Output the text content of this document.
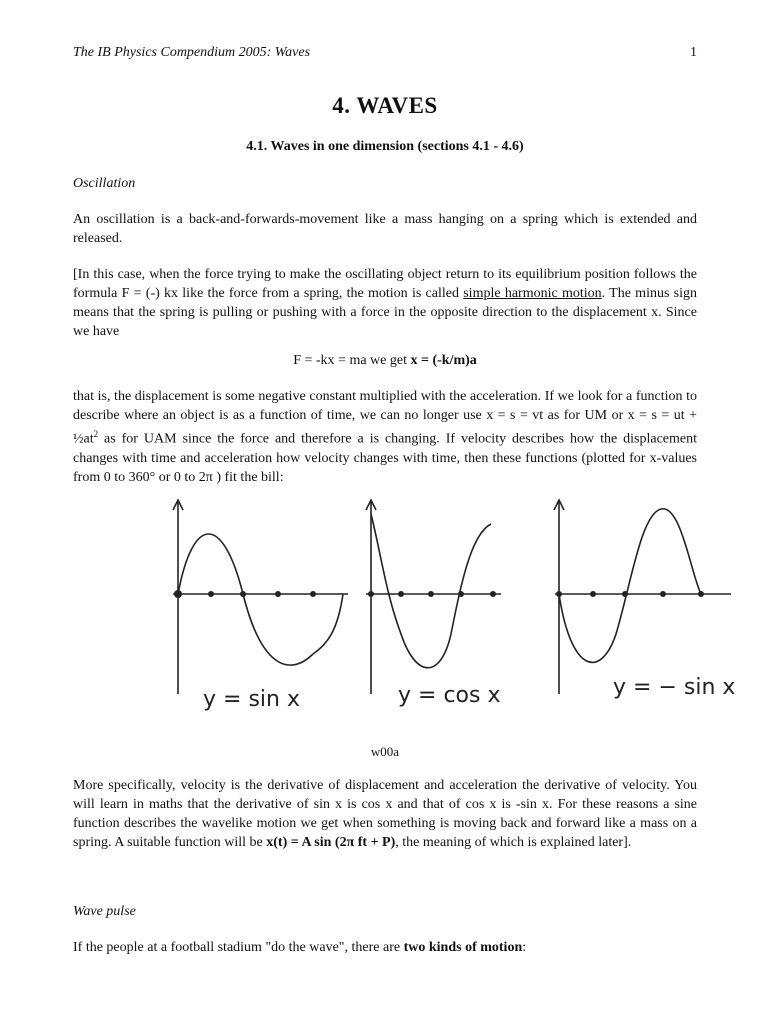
The IB Physics Compendium 2005: Waves	1
4. WAVES
4.1. Waves in one dimension (sections 4.1 - 4.6)
Oscillation

An oscillation is a back-and-forwards-movement like a mass hanging on a spring which is extended and released.

[In this case, when the force trying to make the oscillating object return to its equilibrium position follows the formula F = (-) kx like the force from a spring, the motion is called simple harmonic motion. The minus sign means that the spring is pulling or pushing with a force in the opposite direction to the displacement x. Since we have

F = -kx = ma we get x = (-k/m)a

that is, the displacement is some negative constant multiplied with the acceleration. If we look for a function to describe where an object is as a function of time, we can no longer use x = s = vt as for UM or x = s = ut + $\frac{1}{2}at^2$ as for UAM since the force and therefore a is changing. If velocity describes how the displacement changes with time and acceleration how velocity changes with time, then these functions (plotted for x-values from 0 to 360° or 0 to 2π ) fit the bill:

y = sin x	y = cos x	y = − sin x
w00a

More specifically, velocity is the derivative of displacement and acceleration the derivative of velocity. You will learn in maths that the derivative of sin x is cos x and that of cos x is -sin x. For these reasons a sine function describes the wavelike motion we get when something is moving back and forward like a mass on a spring. A suitable function will be x(t) = A sin (2π ft + P), the meaning of which is explained later].

Wave pulse

If the people at a football stadium "do the wave", there are two kinds of motion:
